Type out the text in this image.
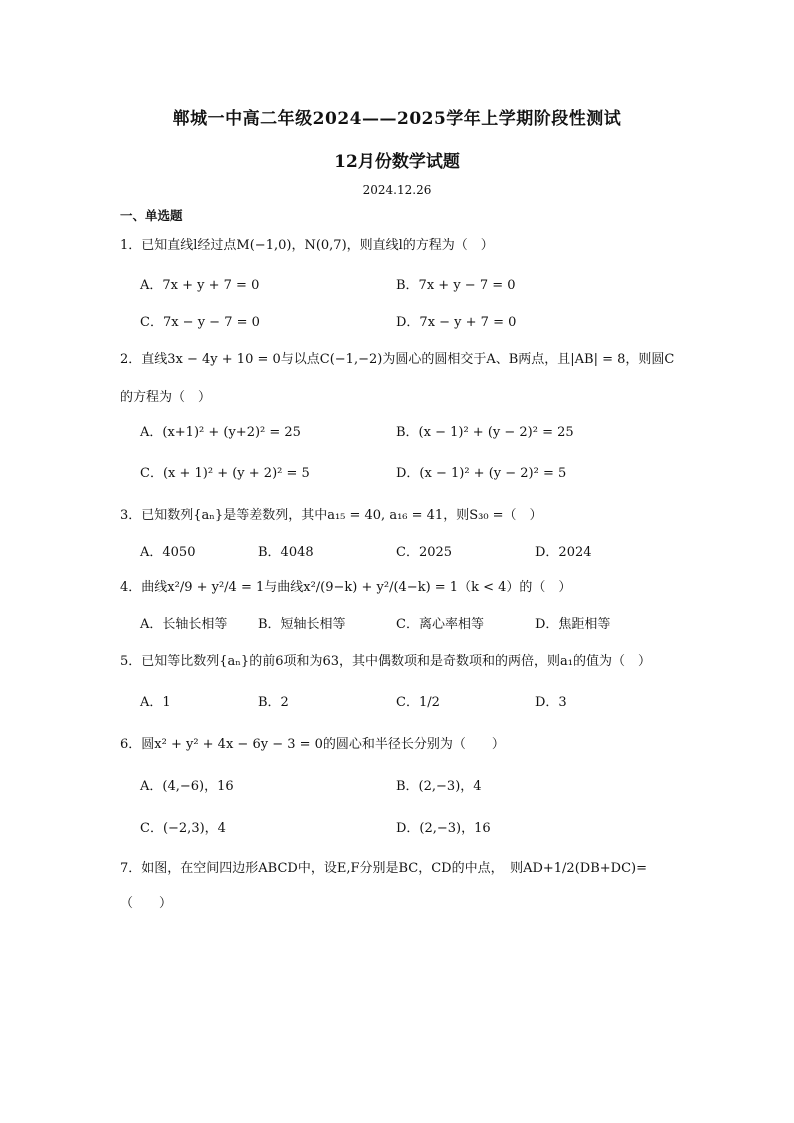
郸城一中高二年级2024——2025学年上学期阶段性测试
12月份数学试题
2024.12.26
一、单选题
1．已知直线l经过点M(−1,0)，N(0,7)，则直线l的方程为（　）
A．7x + y + 7 = 0	B．7x + y − 7 = 0
C．7x − y − 7 = 0	D．7x − y + 7 = 0
2．直线3x − 4y + 10 = 0与以点C(−1,−2)为圆心的圆相交于A、B两点，且|AB| = 8，则圆C
的方程为（　）
A．(x+1)² + (y+2)² = 25	B．(x − 1)² + (y − 2)² = 25
C．(x + 1)² + (y + 2)² = 5	D．(x − 1)² + (y − 2)² = 5
3．已知数列{aₙ}是等差数列，其中a₁₅ = 40, a₁₆ = 41，则S₃₀ =（　）
A．4050	B．4048	C．2025	D．2024
4．曲线x²/9 + y²/4 = 1与曲线x²/(9−k) + y²/(4−k) = 1（k < 4）的（　）
A．长轴长相等 B．短轴长相等	C．离心率相等	D．焦距相等
5．已知等比数列{aₙ}的前6项和为63，其中偶数项和是奇数项和的两倍，则a₁的值为（　）
A．1	B．2	C．1/2	D．3
6．圆x² + y² + 4x − 6y − 3 = 0的圆心和半径长分别为（　　）
A．(4,−6)，16	B．(2,−3)，4
C．(−2,3)，4	D．(2,−3)，16
7．如图，在空间四边形ABCD中，设E,F分别是BC，CD的中点，　则AD+1/2(DB+DC)=
（　　）
